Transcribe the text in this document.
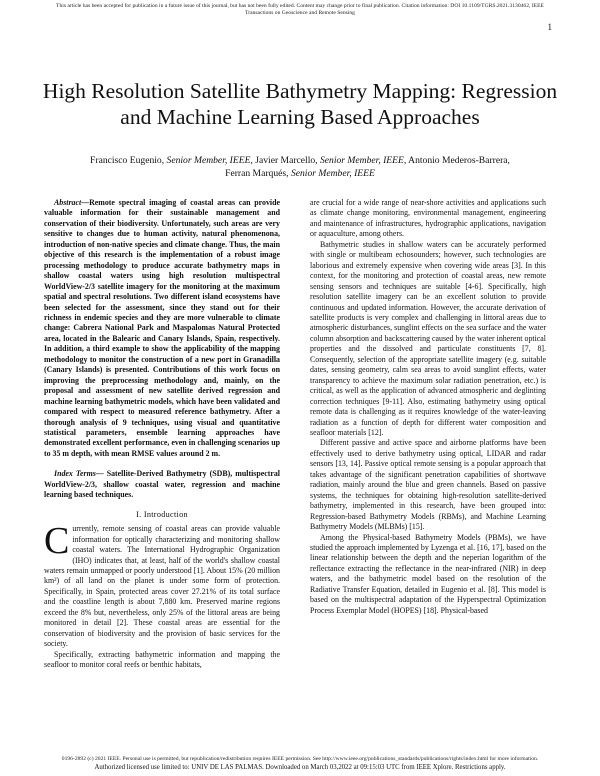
This article has been accepted for publication in a future issue of this journal, but has not been fully edited. Content may change prior to final publication. Citation information: DOI 10.1109/TGRS.2021.3130462, IEEE
Transactions on Geoscience and Remote Sensing
1
High Resolution Satellite Bathymetry Mapping: Regression and Machine Learning Based Approaches
Francisco Eugenio, Senior Member, IEEE, Javier Marcello, Senior Member, IEEE, Antonio Mederos-Barrera,
Ferran Marqués, Senior Member, IEEE

Abstract—Remote spectral imaging of coastal areas can provide valuable information for their sustainable management and conservation of their biodiversity. Unfortunately, such areas are very sensitive to changes due to human activity, natural phenomenona, introduction of non-native species and climate change. Thus, the main objective of this research is the implementation of a robust image processing methodology to produce accurate bathymetry maps in shallow coastal waters using high resolution multispectral WorldView-2/3 satellite imagery for the monitoring at the maximum spatial and spectral resolutions. Two different island ecosystems have been selected for the assessment, since they stand out for their richness in endemic species and they are more vulnerable to climate change: Cabrera National Park and Maspalomas Natural Protected area, located in the Balearic and Canary Islands, Spain, respectively. In addition, a third example to show the applicability of the mapping methodology to monitor the construction of a new port in Granadilla (Canary Islands) is presented. Contributions of this work focus on improving the preprocessing methodology and, mainly, on the proposal and assessment of new satellite derived regression and machine learning bathymetric models, which have been validated and compared with respect to measured reference bathymetry. After a thorough analysis of 9 techniques, using visual and quantitative statistical parameters, ensemble learning approaches have demonstrated excellent performance, even in challenging scenarios up to 35 m depth, with mean RMSE values around 2 m.

Index Terms— Satellite-Derived Bathymetry (SDB), multispectral WorldView-2/3, shallow coastal water, regression and machine learning based techniques.

I. Introduction

Currently, remote sensing of coastal areas can provide valuable information for optically characterizing and monitoring shallow coastal waters. The International Hydrographic Organization (IHO) indicates that, at least, half of the world's shallow coastal waters remain unmapped or poorly understood [1]. About 15% (20 million km²) of all land on the planet is under some form of protection. Specifically, in Spain, protected areas cover 27.21% of its total surface and the coastline length is about 7,880 km. Preserved marine regions exceed the 8% but, nevertheless, only 25% of the littoral areas are being monitored in detail [2]. These coastal areas are essential for the conservation of biodiversity and the provision of basic services for the society.

Specifically, extracting bathymetric information and mapping the seafloor to monitor coral reefs or benthic habitats,

are crucial for a wide range of near-shore activities and applications such as climate change monitoring, environmental management, engineering and maintenance of infrastructures, hydrographic applications, navigation or aquaculture, among others.

Bathymetric studies in shallow waters can be accurately performed with single or multibeam echosounders; however, such technologies are laborious and extremely expensive when covering wide areas [3]. In this context, for the monitoring and protection of coastal areas, new remote sensing sensors and techniques are suitable [4-6]. Specifically, high resolution satellite imagery can be an excellent solution to provide continuous and updated information. However, the accurate derivation of satellite products is very complex and challenging in littoral areas due to atmospheric disturbances, sunglint effects on the sea surface and the water column absorption and backscattering caused by the water inherent optical properties and the dissolved and particulate constituents [7, 8]. Consequently, selection of the appropriate satellite imagery (e.g. suitable dates, sensing geometry, calm sea areas to avoid sunglint effects, water transparency to achieve the maximum solar radiation penetration, etc.) is critical, as well as the application of advanced atmospheric and deglinting correction techniques [9-11]. Also, estimating bathymetry using optical remote data is challenging as it requires knowledge of the water-leaving radiation as a function of depth for different water composition and seafloor materials [12].

Different passive and active space and airborne platforms have been effectively used to derive bathymetry using optical, LIDAR and radar sensors [13, 14]. Passive optical remote sensing is a popular approach that takes advantage of the significant penetration capabilities of shortwave radiation, mainly around the blue and green channels. Based on passive systems, the techniques for obtaining high-resolution satellite-derived bathymetry, implemented in this research, have been grouped into: Regression-based Bathymetry Models (RBMs), and Machine Learning Bathymetry Models (MLBMs) [15].

Among the Physical-based Bathymetry Models (PBMs), we have studied the approach implemented by Lyzenga et al. [16, 17], based on the linear relationship between the depth and the neperian logarithm of the reflectance extracting the reflectance in the near-infrared (NIR) in deep waters, and the bathymetric model based on the resolution of the Radiative Transfer Equation, detailed in Eugenio et al. [8]. This model is based on the multispectral adaptation of the Hyperspectral Optimization Process Exemplar Model (HOPES) [18]. Physical-based

0196-2892 (c) 2021 IEEE. Personal use is permitted, but republication/redistribution requires IEEE permission. See http://www.ieee.org/publications_standards/publications/rights/index.html for more information.
Authorized licensed use limited to: UNIV DE LAS PALMAS. Downloaded on March 03,2022 at 09:15:03 UTC from IEEE Xplore. Restrictions apply.
